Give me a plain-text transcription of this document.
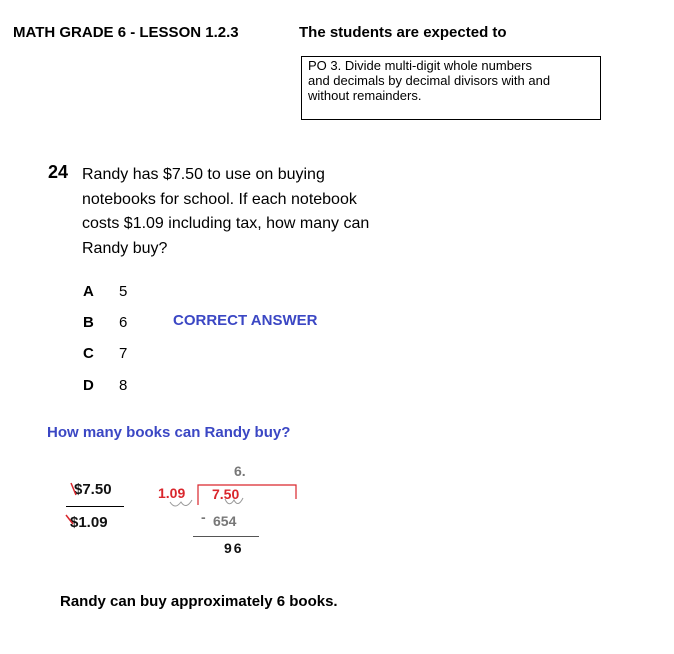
MATH GRADE 6 - LESSON 1.2.3	The students are expected to
PO 3. Divide multi-digit whole numbers
and decimals by decimal divisors with and
without remainders.
24 Randy has $7.50 to use on buying
notebooks for school. If each notebook
costs $1.09 including tax, how many can
Randy buy?
A	5
B	6
C	7
D	8
CORRECT ANSWER
How many books can Randy buy?
$7.50
$1.09
6.
1.09 7.50
- 654
96
Randy can buy approximately 6 books.
